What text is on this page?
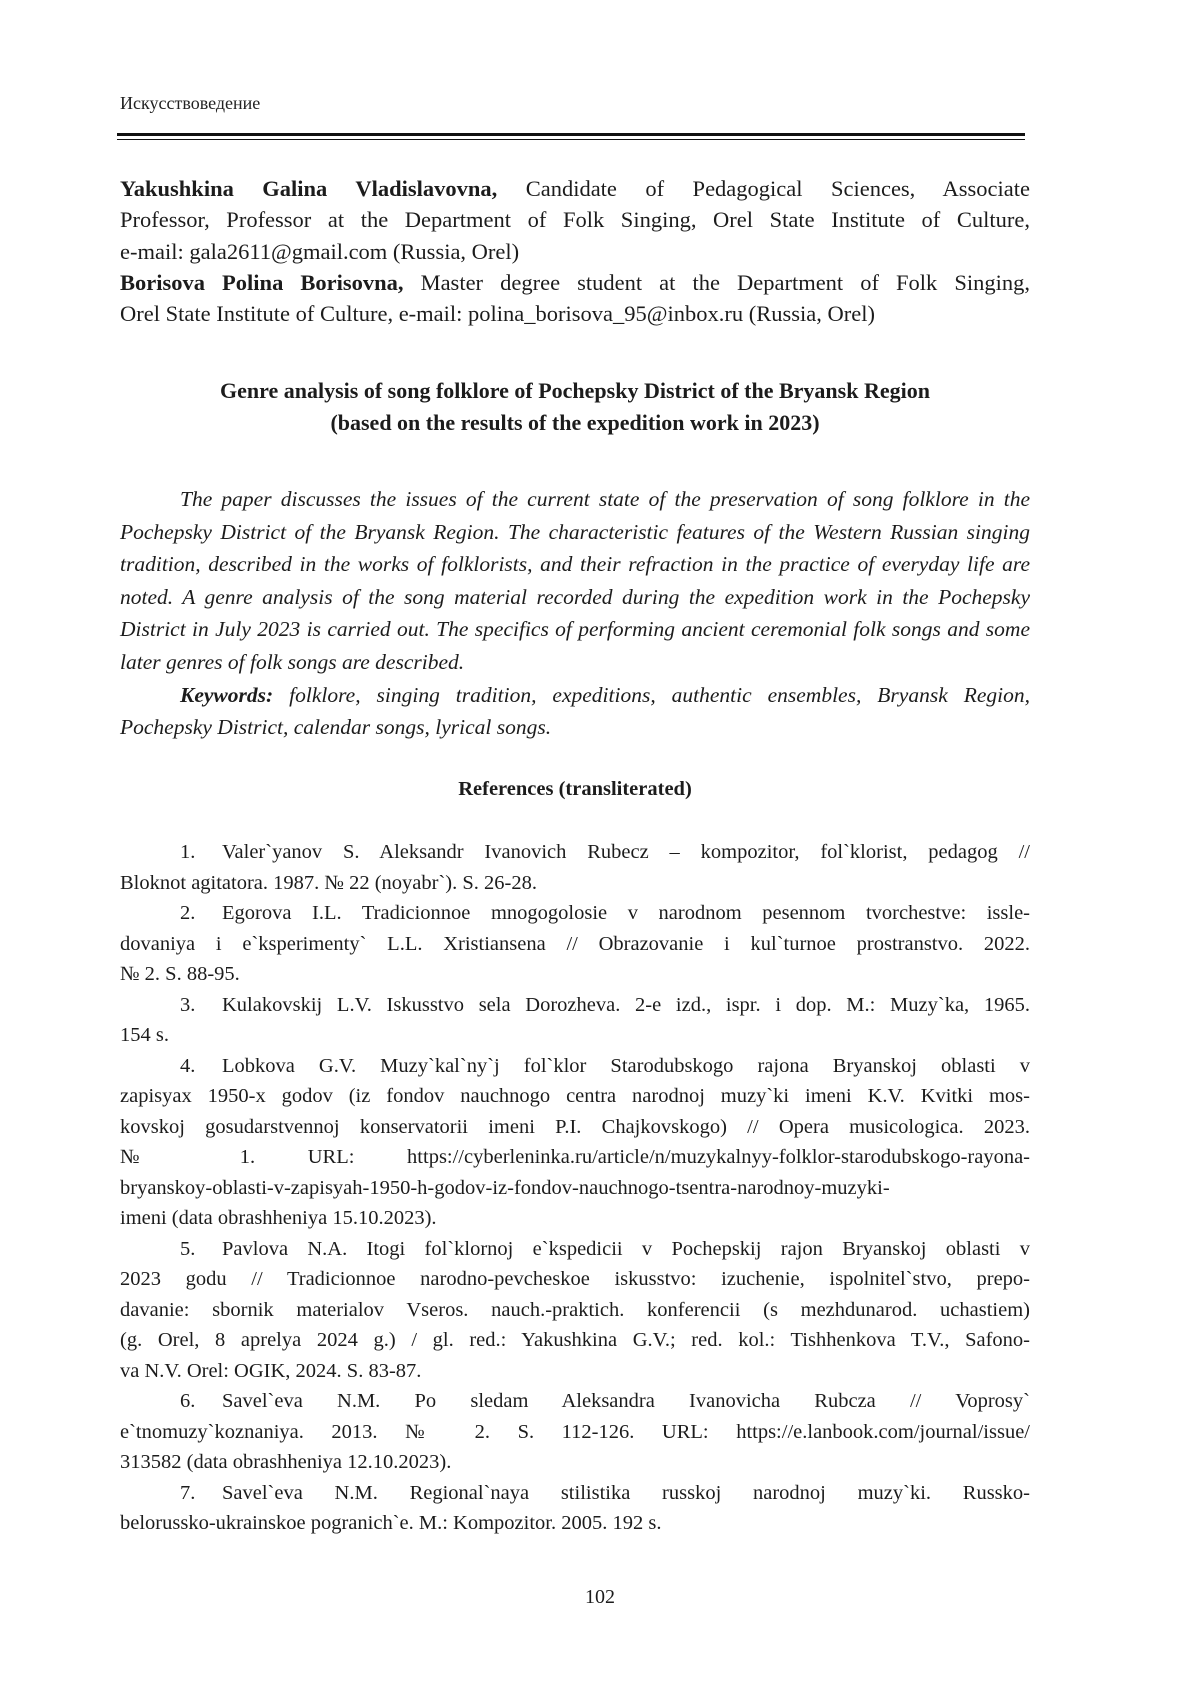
Искусствоведение
Yakushkina Galina Vladislavovna, Candidate of Pedagogical Sciences, Associate
Professor, Professor at the Department of Folk Singing, Orel State Institute of Culture,
e-mail: gala2611@gmail.com (Russia, Orel)
Borisova Polina Borisovna, Master degree student at the Department of Folk Singing,
Orel State Institute of Culture, e-mail: polina_borisova_95@inbox.ru (Russia, Orel)
Genre analysis of song folklore of Pochepsky District of the Bryansk Region
(based on the results of the expedition work in 2023)
The paper discusses the issues of the current state of the preservation of song folklore in the
Pochepsky District of the Bryansk Region. The characteristic features of the Western Russian singing
tradition, described in the works of folklorists, and their refraction in the practice of everyday life are
noted. A genre analysis of the song material recorded during the expedition work in the Pochepsky
District in July 2023 is carried out. The specifics of performing ancient ceremonial folk songs and some
later genres of folk songs are described.
Keywords: folklore, singing tradition, expeditions, authentic ensembles, Bryansk Region,
Pochepsky District, calendar songs, lyrical songs.
References (transliterated)
1. Valer`yanov S. Aleksandr Ivanovich Rubecz – kompozitor, fol`klorist, pedagog //
Bloknot agitatora. 1987. № 22 (noyabr`). S. 26-28.
2. Egorova I.L. Tradicionnoe mnogogolosie v narodnom pesennom tvorchestve: issle-
dovaniya i e`ksperimenty` L.L. Xristiansena // Obrazovanie i kul`turnoe prostranstvo. 2022.
№ 2. S. 88-95.
3. Kulakovskij L.V. Iskusstvo sela Dorozheva. 2-e izd., ispr. i dop. M.: Muzy`ka, 1965.
154 s.
4. Lobkova G.V. Muzy`kal`ny`j fol`klor Starodubskogo rajona Bryanskoj oblasti v
zapisyax 1950-x godov (iz fondov nauchnogo centra narodnoj muzy`ki imeni K.V. Kvitki mos-
kovskoj gosudarstvennoj konservatorii imeni P.I. Chajkovskogo) // Opera musicologica. 2023.
№ 1. URL: https://cyberleninka.ru/article/n/muzykalnyy-folklor-starodubskogo-rayona-
bryanskoy-oblasti-v-zapisyah-1950-h-godov-iz-fondov-nauchnogo-tsentra-narodnoy-muzyki-
imeni (data obrashheniya 15.10.2023).
5. Pavlova N.A. Itogi fol`klornoj e`kspedicii v Pochepskij rajon Bryanskoj oblasti v
2023 godu // Tradicionnoe narodno-pevcheskoe iskusstvo: izuchenie, ispolnitel`stvo, prepo-
davanie: sbornik materialov Vseros. nauch.-praktich. konferencii (s mezhdunarod. uchastiem)
(g. Orel, 8 aprelya 2024 g.) / gl. red.: Yakushkina G.V.; red. kol.: Tishhenkova T.V., Safono-
va N.V. Orel: OGIK, 2024. S. 83-87.
6. Savel`eva N.M. Po sledam Aleksandra Ivanovicha Rubcza // Voprosy`
e`tnomuzy`koznaniya. 2013. № 2. S. 112-126. URL: https://e.lanbook.com/journal/issue/
313582 (data obrashheniya 12.10.2023).
7. Savel`eva N.M. Regional`naya stilistika russkoj narodnoj muzy`ki. Russko-
belorussko-ukrainskoe pogranich`e. M.: Kompozitor. 2005. 192 s.
102
